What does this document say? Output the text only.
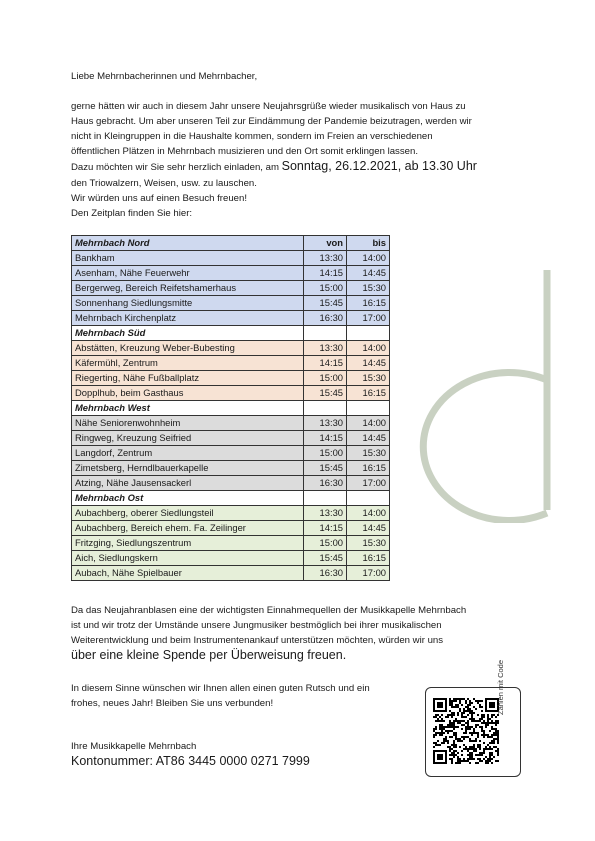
Liebe Mehrnbacherinnen und Mehrnbacher,

gerne hätten wir auch in diesem Jahr unsere Neujahrsgrüße wieder musikalisch von Haus zu

Haus gebracht. Um aber unseren Teil zur Eindämmung der Pandemie beizutragen, werden wir

nicht in Kleingruppen in die Haushalte kommen, sondern im Freien an verschiedenen

öffentlichen Plätzen in Mehrnbach musizieren und den Ort somit erklingen lassen.

Dazu möchten wir Sie sehr herzlich einladen, am Sonntag, 26.12.2021, ab 13.30 Uhr

den Triowalzern, Weisen, usw. zu lauschen.

Wir würden uns auf einen Besuch freuen!

Den Zeitplan finden Sie hier:

Mehrnbach Nord	von	bis
Bankham	13:30	14:00
Asenham, Nähe Feuerwehr	14:15	14:45
Bergerweg, Bereich Reifetshamerhaus	15:00	15:30
Sonnenhang Siedlungsmitte	15:45	16:15
Mehrnbach Kirchenplatz	16:30	17:00
Mehrnbach Süd		
Abstätten, Kreuzung Weber-Bubesting	13:30	14:00
Käfermühl, Zentrum	14:15	14:45
Riegerting, Nähe Fußballplatz	15:00	15:30
Dopplhub, beim Gasthaus	15:45	16:15
Mehrnbach West		
Nähe Seniorenwohnheim	13:30	14:00
Ringweg, Kreuzung Seifried	14:15	14:45
Langdorf, Zentrum	15:00	15:30
Zimetsberg, Herndlbauerkapelle	15:45	16:15
Atzing, Nähe Jausensackerl	16:30	17:00
Mehrnbach Ost		
Aubachberg, oberer Siedlungsteil	13:30	14:00
Aubachberg, Bereich ehem. Fa. Zeilinger	14:15	14:45
Fritzging, Siedlungszentrum	15:00	15:30
Aich, Siedlungskern	15:45	16:15
Aubach, Nähe Spielbauer	16:30	17:00

Da das Neujahranblasen eine der wichtigsten Einnahmequellen der Musikkapelle Mehrnbach

ist und wir trotz der Umstände unsere Jungmusiker bestmöglich bei ihrer musikalischen

Weiterentwicklung und beim Instrumentenankauf unterstützen möchten, würden wir uns

über eine kleine Spende per Überweisung freuen.

In diesem Sinne wünschen wir Ihnen allen einen guten Rutsch und ein

frohes, neues Jahr! Bleiben Sie uns verbunden!

Ihre Musikkapelle Mehrnbach

Kontonummer: AT86 3445 0000 0271 7999

Zahlen mit Code
